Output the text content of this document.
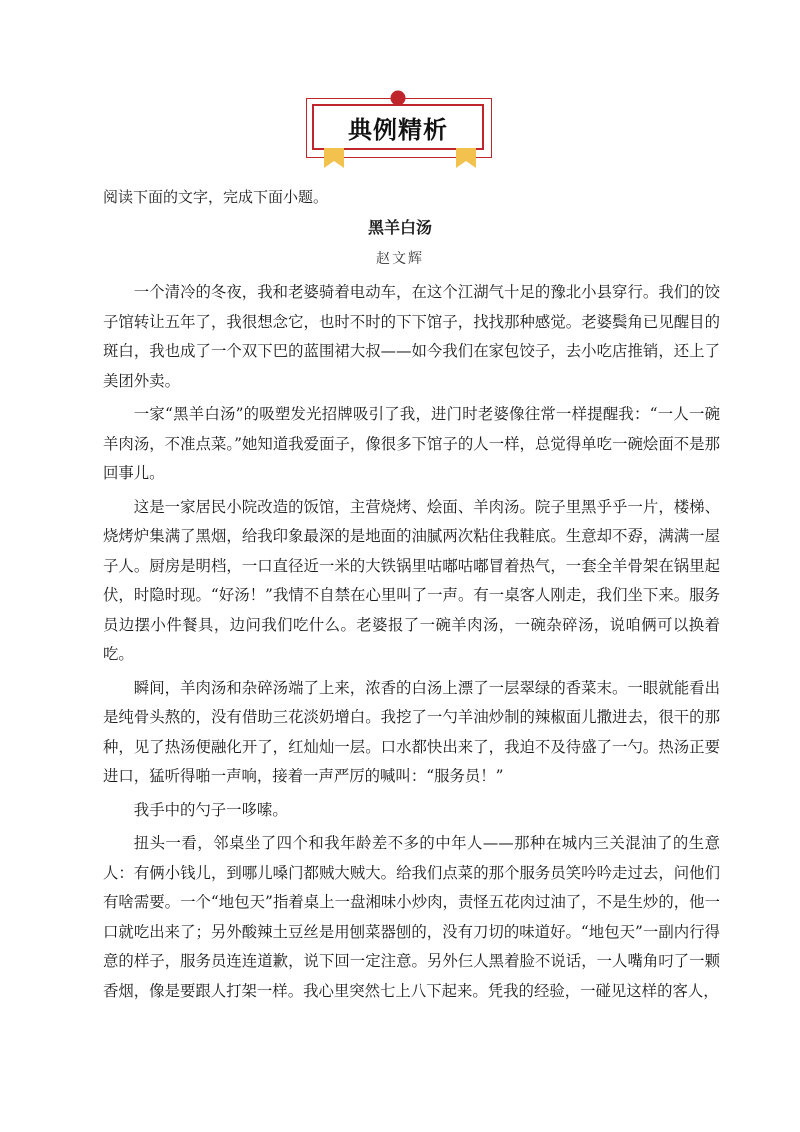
典例精析
阅读下面的文字，完成下面小题。
黑羊白汤
赵文辉

一个清冷的冬夜，我和老婆骑着电动车，在这个江湖气十足的豫北小县穿行。我们的饺子馆转让五年了，我很想念它，也时不时的下下馆子，找找那种感觉。老婆鬓角已见醒目的斑白，我也成了一个双下巴的蓝围裙大叔——如今我们在家包饺子，去小吃店推销，还上了美团外卖。

一家“黑羊白汤”的吸塑发光招牌吸引了我，进门时老婆像往常一样提醒我：“一人一碗羊肉汤，不准点菜。”她知道我爱面子，像很多下馆子的人一样，总觉得单吃一碗烩面不是那回事儿。

这是一家居民小院改造的饭馆，主营烧烤、烩面、羊肉汤。院子里黑乎乎一片，楼梯、烧烤炉集满了黑烟，给我印象最深的是地面的油腻两次粘住我鞋底。生意却不孬，满满一屋子人。厨房是明档，一口直径近一米的大铁锅里咕嘟咕嘟冒着热气，一套全羊骨架在锅里起伏，时隐时现。“好汤！”我情不自禁在心里叫了一声。有一桌客人刚走，我们坐下来。服务员边摆小件餐具，边问我们吃什么。老婆报了一碗羊肉汤，一碗杂碎汤，说咱俩可以换着吃。

瞬间，羊肉汤和杂碎汤端了上来，浓香的白汤上漂了一层翠绿的香菜末。一眼就能看出是纯骨头熬的，没有借助三花淡奶增白。我挖了一勺羊油炒制的辣椒面儿撒进去，很干的那种，见了热汤便融化开了，红灿灿一层。口水都快出来了，我迫不及待盛了一勺。热汤正要进口，猛听得啪一声响，接着一声严厉的喊叫：“服务员！”

我手中的勺子一哆嗦。

扭头一看，邻桌坐了四个和我年龄差不多的中年人——那种在城内三关混油了的生意人：有俩小钱儿，到哪儿嗓门都贼大贼大。给我们点菜的那个服务员笑吟吟走过去，问他们有啥需要。一个“地包天”指着桌上一盘湘味小炒肉，责怪五花肉过油了，不是生炒的，他一口就吃出来了；另外酸辣土豆丝是用刨菜器刨的，没有刀切的味道好。“地包天”一副内行得意的样子，服务员连连道歉，说下回一定注意。另外仨人黑着脸不说话，一人嘴角叼了一颗香烟，像是要跟人打架一样。我心里突然七上八下起来。凭我的经验，一碰见这样的客人，
